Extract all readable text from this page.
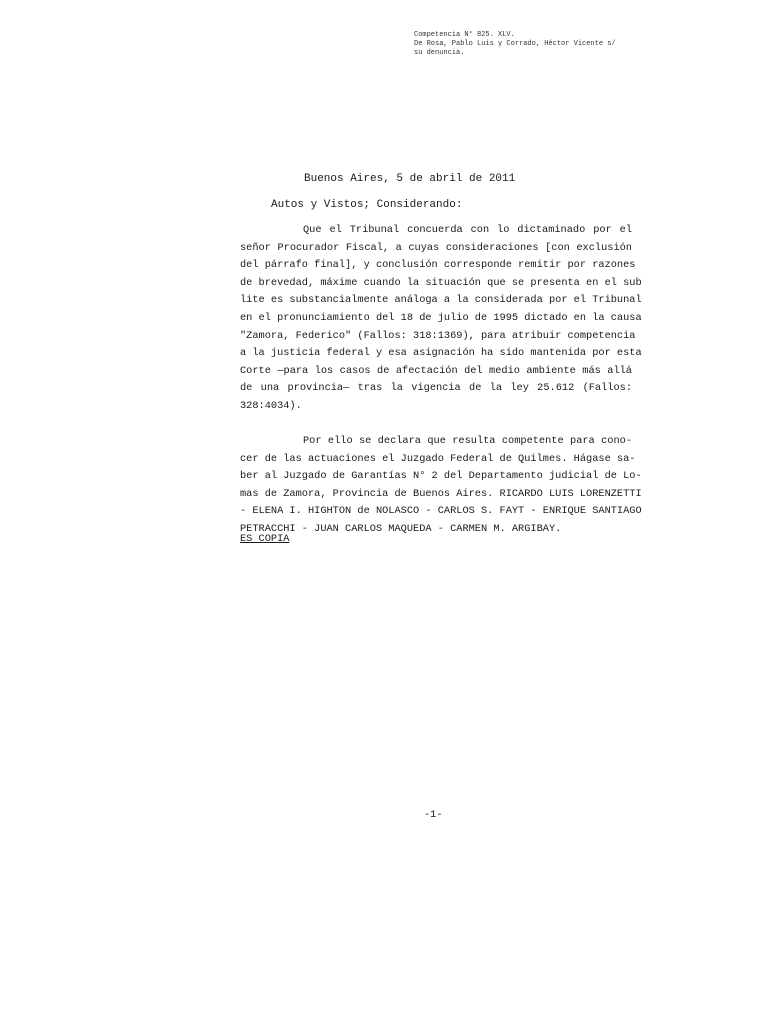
Competencia N° 825. XLV.
De Rosa, Pablo Luis y Corrado, Héctor Vicente s/
su denuncia.
Buenos Aires, 5 de abril de 2011
Autos y Vistos; Considerando:
Que el Tribunal concuerda con lo dictaminado por el
señor Procurador Fiscal, a cuyas consideraciones [con exclusión
del párrafo final], y conclusión corresponde remitir por razones
de brevedad, máxime cuando la situación que se presenta en el sub
lite es substancialmente análoga a la considerada por el Tribunal
en el pronunciamiento del 18 de julio de 1995 dictado en la causa
"Zamora, Federico" (Fallos: 318:1369), para atribuir competencia
a la justicia federal y esa asignación ha sido mantenida por esta
Corte —para los casos de afectación del medio ambiente más allá
de una provincia— tras la vigencia de la ley 25.612 (Fallos:
328:4034).
Por ello se declara que resulta competente para cono-
cer de las actuaciones el Juzgado Federal de Quilmes. Hágase sa-
ber al Juzgado de Garantías N° 2 del Departamento judicial de Lo-
mas de Zamora, Provincia de Buenos Aires. RICARDO LUIS LORENZETTI
- ELENA I. HIGHTON de NOLASCO - CARLOS S. FAYT - ENRIQUE SANTIAGO
PETRACCHI - JUAN CARLOS MAQUEDA - CARMEN M. ARGIBAY.
ES COPIA
-1-
